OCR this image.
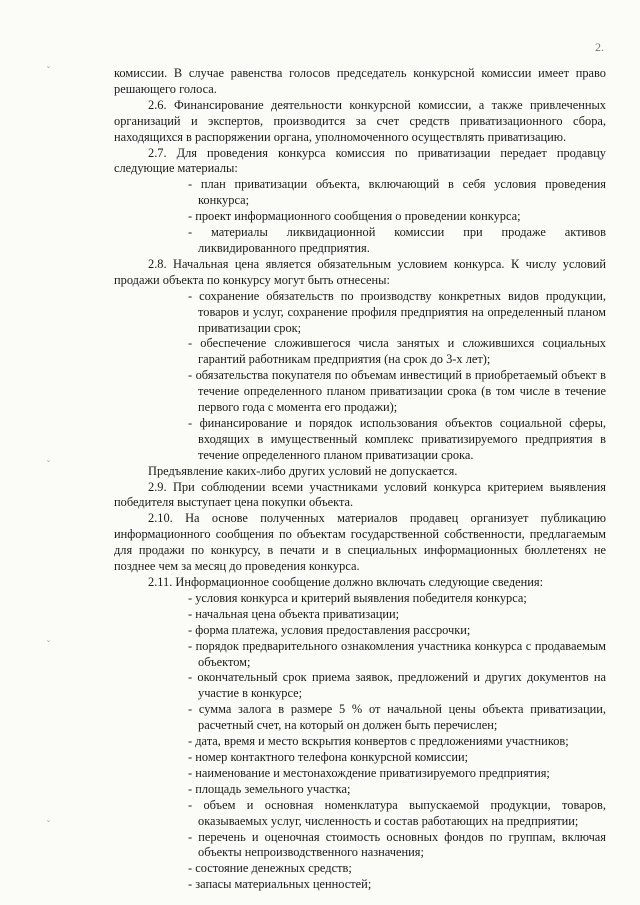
2.
ˇ
ˇ
ˇ
ˇ

комиссии. В случае равенства голосов председатель конкурсной комиссии имеет право решающего голоса.

2.6. Финансирование деятельности конкурсной комиссии, а также привлеченных организаций и экспертов, производится за счет средств приватизационного сбора, находящихся в распоряжении органа, уполномоченного осуществлять приватизацию.

2.7. Для проведения конкурса комиссия по приватизации передает продавцу следующие материалы:

- план приватизации объекта, включающий в себя условия проведения конкурса;

- проект информационного сообщения о проведении конкурса;

- материалы ликвидационной комиссии при продаже активов ликвидированного предприятия.

2.8. Начальная цена является обязательным условием конкурса. К числу условий продажи объекта по конкурсу могут быть отнесены:

- сохранение обязательств по производству конкретных видов продукции, товаров и услуг, сохранение профиля предприятия на определенный планом приватизации срок;

- обеспечение сложившегося числа занятых и сложившихся социальных гарантий работникам предприятия (на срок до 3-х лет);

- обязательства покупателя по объемам инвестиций в приобретаемый объект в течение определенного планом приватизации срока (в том числе в течение первого года с момента его продажи);

- финансирование и порядок использования объектов социальной сферы, входящих в имущественный комплекс приватизируемого предприятия в течение определенного планом приватизации срока.

Предъявление каких-либо других условий не допускается.

2.9. При соблюдении всеми участниками условий конкурса критерием выявления победителя выступает цена покупки объекта.

2.10. На основе полученных материалов продавец организует публикацию информационного сообщения по объектам государственной собственности, предлагаемым для продажи по конкурсу, в печати и в специальных информационных бюллетенях не позднее чем за месяц до проведения конкурса.

2.11. Информационное сообщение должно включать следующие сведения:

- условия конкурса и критерий выявления победителя конкурса;

- начальная цена объекта приватизации;

- форма платежа, условия предоставления рассрочки;

- порядок предварительного ознакомления участника конкурса с продаваемым объектом;

- окончательный срок приема заявок, предложений и других документов на участие в конкурсе;

- сумма залога в размере 5 % от начальной цены объекта приватизации, расчетный счет, на который он должен быть перечислен;

- дата, время и место вскрытия конвертов с предложениями участников;

- номер контактного телефона конкурсной комиссии;

- наименование и местонахождение приватизируемого предприятия;

- площадь земельного участка;

- объем и основная номенклатура выпускаемой продукции, товаров, оказываемых услуг, численность и состав работающих на предприятии;

- перечень и оценочная стоимость основных фондов по группам, включая объекты непроизводственного назначения;

- состояние денежных средств;

- запасы материальных ценностей;
